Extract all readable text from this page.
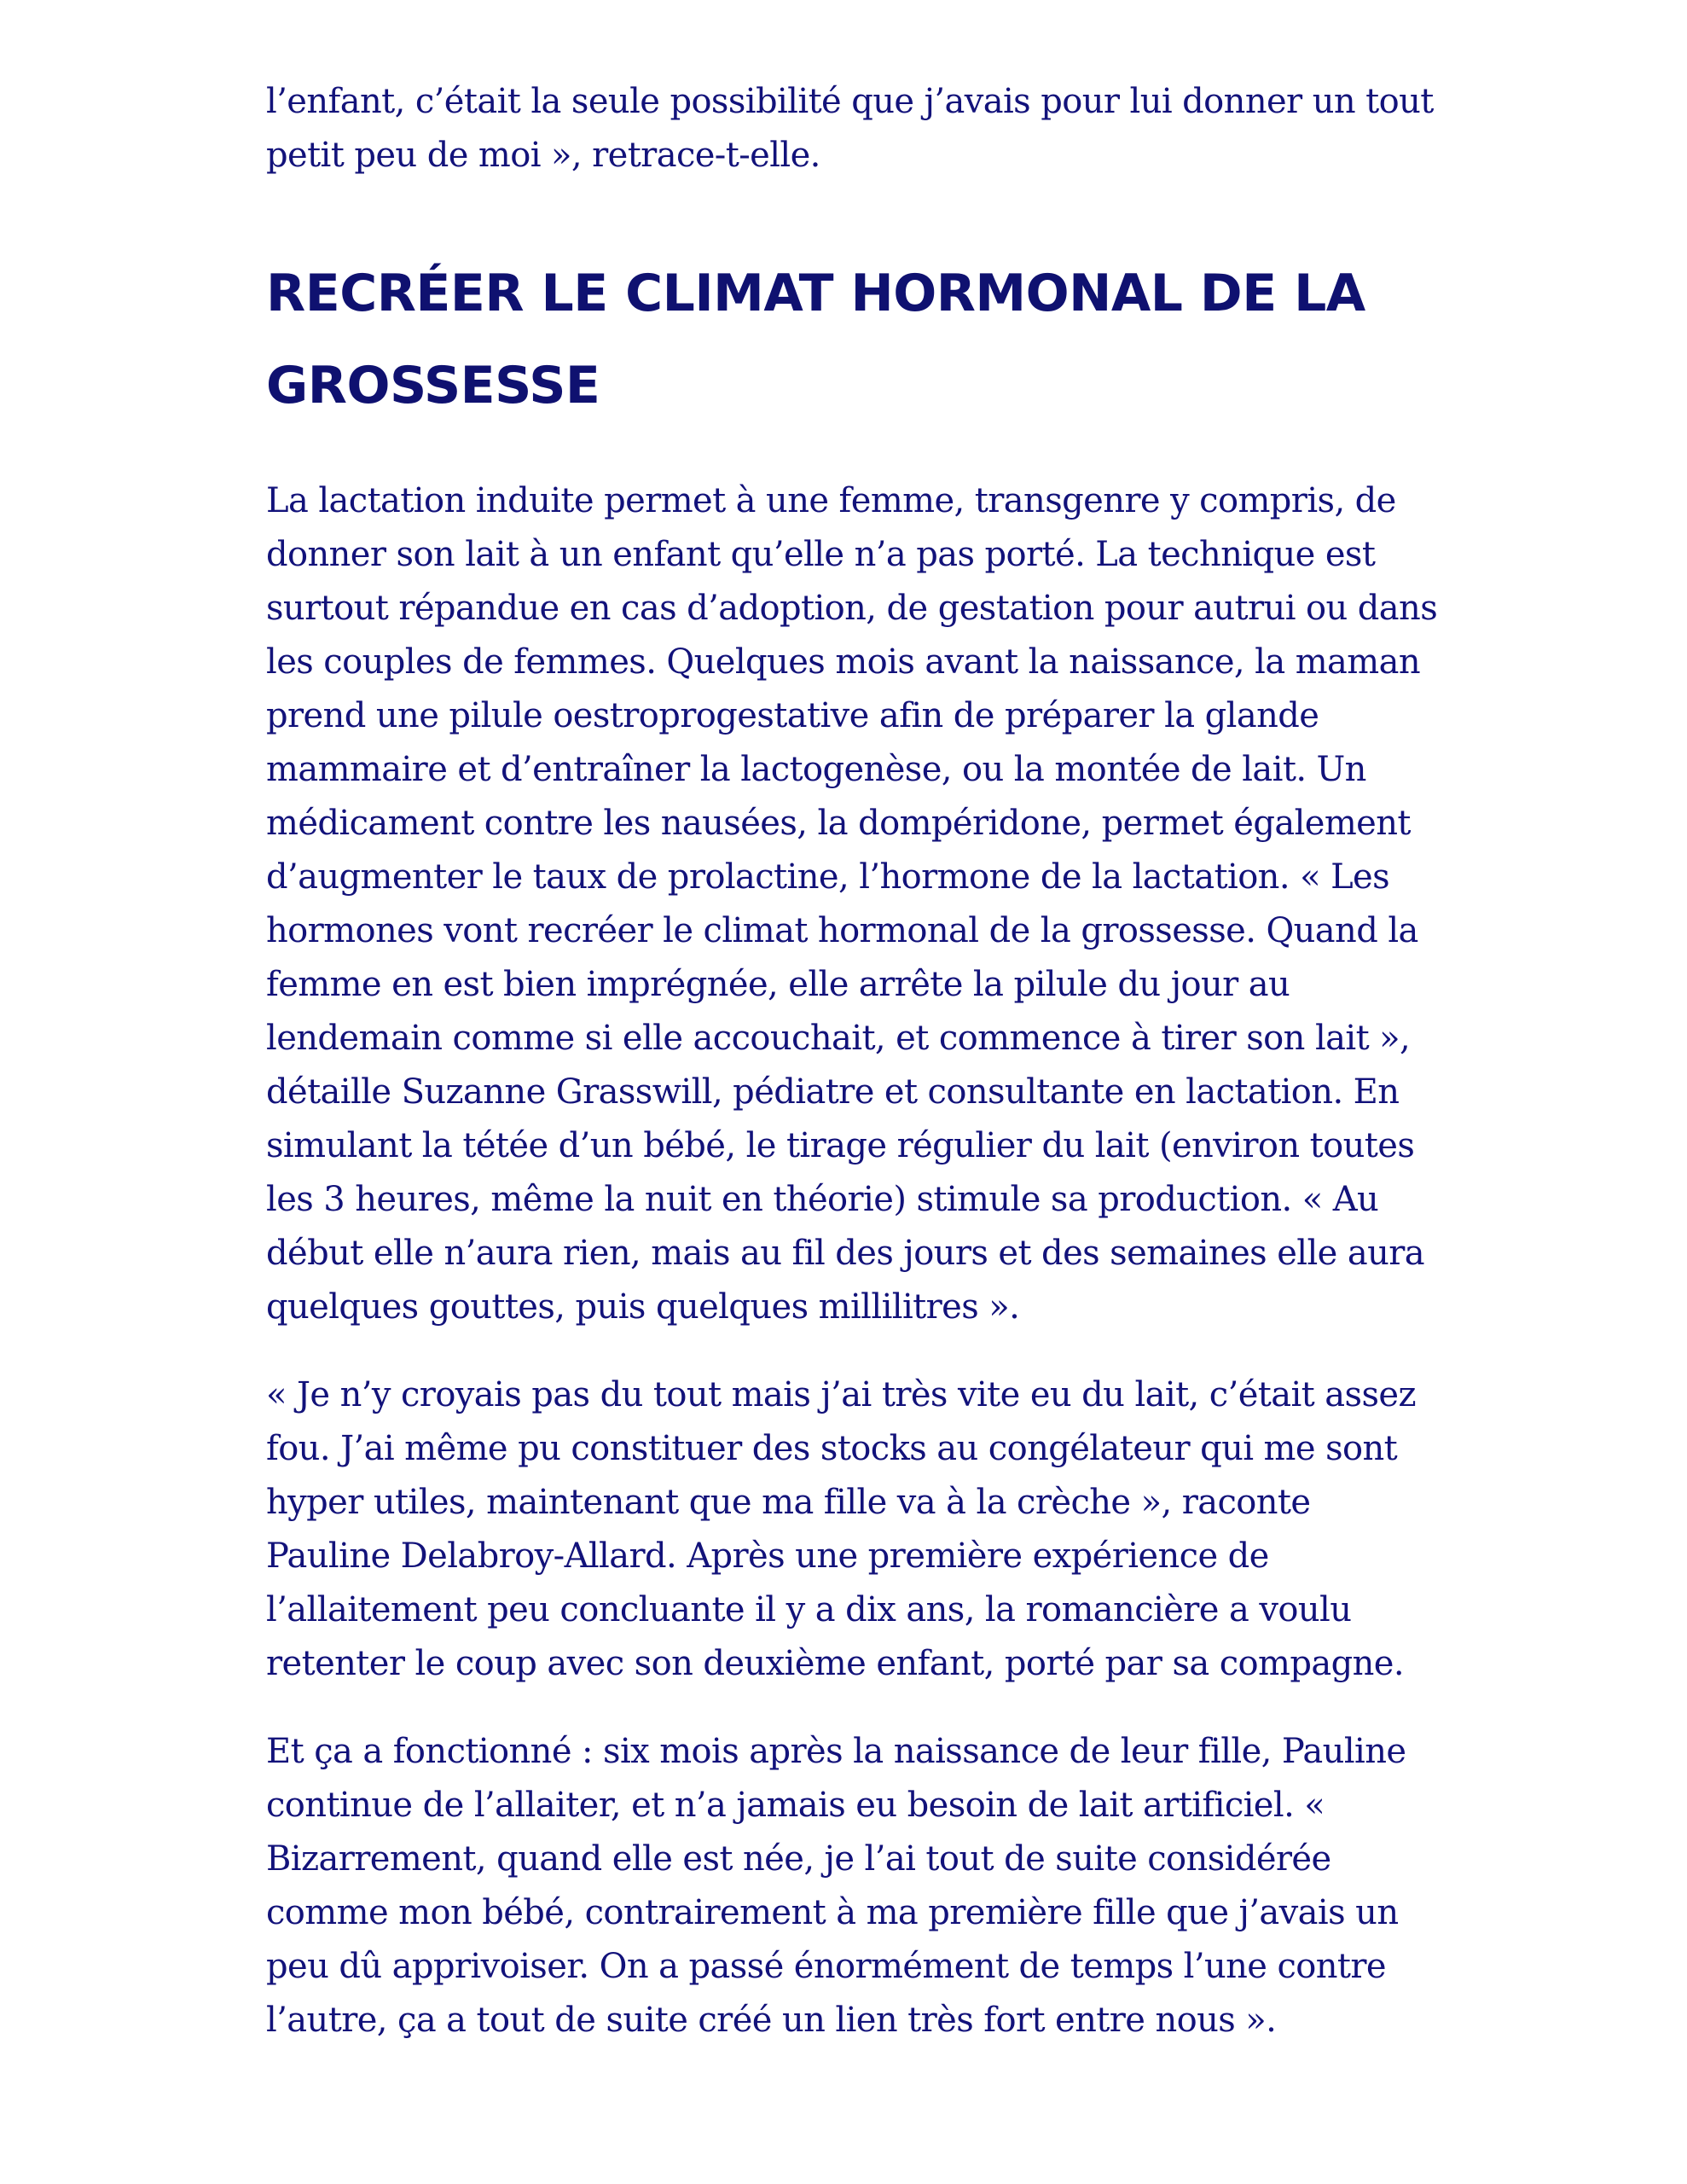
l’enfant, c’était la seule possibilité que j’avais pour lui donner un tout petit peu de moi », retrace-t-elle.

RECRÉER LE CLIMAT HORMONAL DE LA GROSSESSE

La lactation induite permet à une femme, transgenre y compris, de donner son lait à un enfant qu’elle n’a pas porté. La technique est surtout répandue en cas d’adoption, de gestation pour autrui ou dans les couples de femmes. Quelques mois avant la naissance, la maman prend une pilule oestroprogestative afin de préparer la glande mammaire et d’entraîner la lactogenèse, ou la montée de lait. Un médicament contre les nausées, la dompéridone, permet également d’augmenter le taux de prolactine, l’hormone de la lactation. « Les hormones vont recréer le climat hormonal de la grossesse. Quand la femme en est bien imprégnée, elle arrête la pilule du jour au lendemain comme si elle accouchait, et commence à tirer son lait », détaille Suzanne Grasswill, pédiatre et consultante en lactation. En simulant la tétée d’un bébé, le tirage régulier du lait (environ toutes les 3 heures, même la nuit en théorie) stimule sa production. « Au début elle n’aura rien, mais au fil des jours et des semaines elle aura quelques gouttes, puis quelques millilitres ».

« Je n’y croyais pas du tout mais j’ai très vite eu du lait, c’était assez fou. J’ai même pu constituer des stocks au congélateur qui me sont hyper utiles, maintenant que ma fille va à la crèche », raconte Pauline Delabroy-Allard. Après une première expérience de l’allaitement peu concluante il y a dix ans, la romancière a voulu retenter le coup avec son deuxième enfant, porté par sa compagne.

Et ça a fonctionné : six mois après la naissance de leur fille, Pauline continue de l’allaiter, et n’a jamais eu besoin de lait artificiel. « Bizarrement, quand elle est née, je l’ai tout de suite considérée comme mon bébé, contrairement à ma première fille que j’avais un peu dû apprivoiser. On a passé énormément de temps l’une contre l’autre, ça a tout de suite créé un lien très fort entre nous ».
